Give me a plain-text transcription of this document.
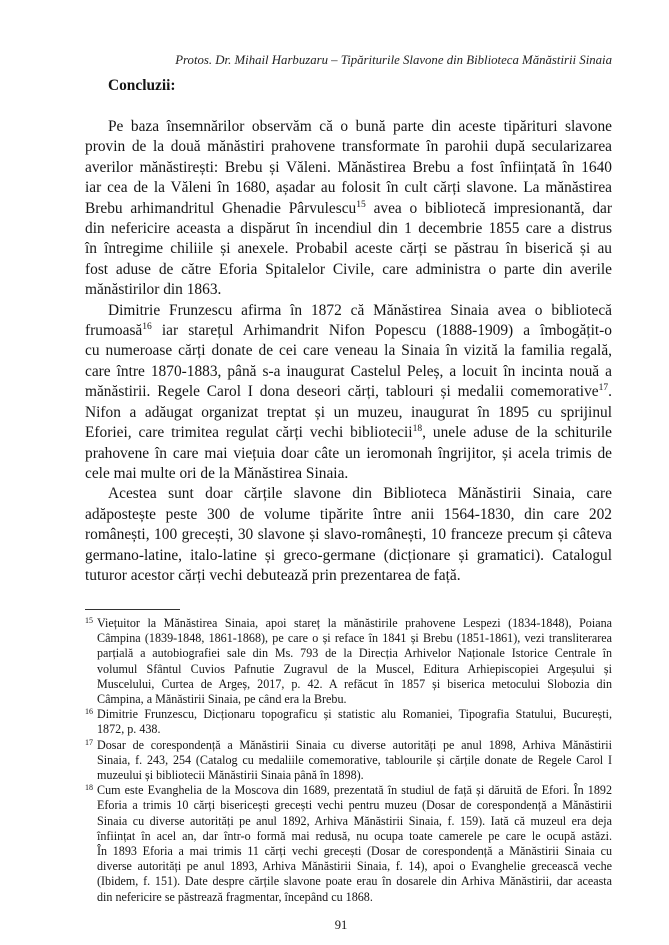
Protos. Dr. Mihail Harbuzaru – Tipăriturile Slavone din Biblioteca Mănăstirii Sinaia
Concluzii:
Pe baza însemnărilor observăm că o bună parte din aceste tipărituri slavone
provin de la două mănăstiri prahovene transformate în parohii după secularizarea
averilor mănăstirești: Brebu și Văleni. Mănăstirea Brebu a fost înființată în 1640
iar cea de la Văleni în 1680, așadar au folosit în cult cărți slavone. La mănăstirea
Brebu arhimandritul Ghenadie Pârvulescu$^{15}$ avea o bibliotecă impresionantă, dar
din nefericire aceasta a dispărut în incendiul din 1 decembrie 1855 care a distrus
în întregime chiliile și anexele. Probabil aceste cărți se păstrau în biserică și au
fost aduse de către Eforia Spitalelor Civile, care administra o parte din averile
mănăstirilor din 1863.
Dimitrie Frunzescu afirma în 1872 că Mănăstirea Sinaia avea o bibliotecă
frumoasă$^{16}$ iar starețul Arhimandrit Nifon Popescu (1888-1909) a îmbogățit-o
cu numeroase cărți donate de cei care veneau la Sinaia în vizită la familia regală,
care între 1870-1883, până s-a inaugurat Castelul Peleș, a locuit în incinta nouă a
mănăstirii. Regele Carol I dona deseori cărți, tablouri și medalii comemorative$^{17}$.
Nifon a adăugat organizat treptat și un muzeu, inaugurat în 1895 cu sprijinul
Eforiei, care trimitea regulat cărți vechi bibliotecii$^{18}$, unele aduse de la schiturile
prahovene în care mai viețuia doar câte un ieromonah îngrijitor, și acela trimis de
cele mai multe ori de la Mănăstirea Sinaia.
Acestea sunt doar cărțile slavone din Biblioteca Mănăstirii Sinaia, care
adăpostește peste 300 de volume tipărite între anii 1564-1830, din care 202
românești, 100 grecești, 30 slavone și slavo-românești, 10 franceze precum și câteva
germano-latine, italo-latine și greco-germane (dicționare și gramatici). Catalogul
tuturor acestor cărți vechi debutează prin prezentarea de față.
15 Viețuitor la Mănăstirea Sinaia, apoi stareț la mănăstirile prahovene Lespezi (1834-1848), Poiana
Câmpina (1839-1848, 1861-1868), pe care o și reface în 1841 și Brebu (1851-1861), vezi transliterarea
parțială a autobiografiei sale din Ms. 793 de la Direcția Arhivelor Naționale Istorice Centrale în
volumul Sfântul Cuvios Pafnutie Zugravul de la Muscel, Editura Arhiepiscopiei Argeșului și
Muscelului, Curtea de Argeș, 2017, p. 42. A refăcut în 1857 și biserica metocului Slobozia din
Câmpina, a Mănăstirii Sinaia, pe când era la Brebu.
16 Dimitrie Frunzescu, Dicționaru topograficu și statistic alu Romaniei, Tipografia Statului, București,
1872, p. 438.
17 Dosar de corespondență a Mănăstirii Sinaia cu diverse autorități pe anul 1898, Arhiva Mănăstirii
Sinaia, f. 243, 254 (Catalog cu medaliile comemorative, tablourile și cărțile donate de Regele Carol I
muzeului și bibliotecii Mănăstirii Sinaia până în 1898).
18 Cum este Evanghelia de la Moscova din 1689, prezentată în studiul de față și dăruită de Efori. În 1892
Eforia a trimis 10 cărți bisericești grecești vechi pentru muzeu (Dosar de corespondență a Mănăstirii
Sinaia cu diverse autorități pe anul 1892, Arhiva Mănăstirii Sinaia, f. 159). Iată că muzeul era deja
înființat în acel an, dar într-o formă mai redusă, nu ocupa toate camerele pe care le ocupă astăzi.
În 1893 Eforia a mai trimis 11 cărți vechi grecești (Dosar de corespondență a Mănăstirii Sinaia cu
diverse autorități pe anul 1893, Arhiva Mănăstirii Sinaia, f. 14), apoi o Evanghelie grecească veche
(Ibidem, f. 151). Date despre cărțile slavone poate erau în dosarele din Arhiva Mănăstirii, dar aceasta
din nefericire se păstrează fragmentar, începând cu 1868.
91
